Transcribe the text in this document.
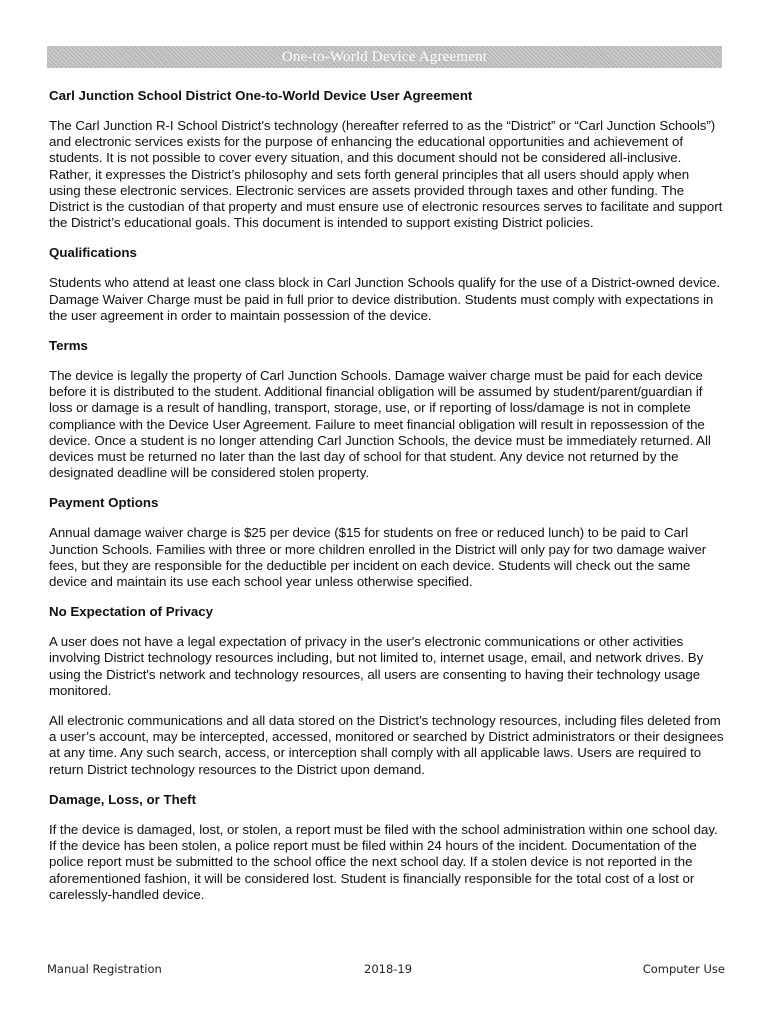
One-to-World Device Agreement
Carl Junction School District One-to-World Device User Agreement

The Carl Junction R-I School District's technology (hereafter referred to as the “District” or “Carl Junction Schools”) and electronic services exists for the purpose of enhancing the educational opportunities and achievement of students. It is not possible to cover every situation, and this document should not be considered all-inclusive. Rather, it expresses the District’s philosophy and sets forth general principles that all users should apply when using these electronic services. Electronic services are assets provided through taxes and other funding. The District is the custodian of that property and must ensure use of electronic resources serves to facilitate and support the District’s educational goals. This document is intended to support existing District policies.

Qualifications

Students who attend at least one class block in Carl Junction Schools qualify for the use of a District-owned device. Damage Waiver Charge must be paid in full prior to device distribution. Students must comply with expectations in the user agreement in order to maintain possession of the device.

Terms

The device is legally the property of Carl Junction Schools. Damage waiver charge must be paid for each device before it is distributed to the student. Additional financial obligation will be assumed by student/parent/guardian if loss or damage is a result of handling, transport, storage, use, or if reporting of loss/damage is not in complete compliance with the Device User Agreement. Failure to meet financial obligation will result in repossession of the device. Once a student is no longer attending Carl Junction Schools, the device must be immediately returned. All devices must be returned no later than the last day of school for that student. Any device not returned by the designated deadline will be considered stolen property.

Payment Options

Annual damage waiver charge is $25 per device ($15 for students on free or reduced lunch) to be paid to Carl Junction Schools. Families with three or more children enrolled in the District will only pay for two damage waiver fees, but they are responsible for the deductible per incident on each device. Students will check out the same device and maintain its use each school year unless otherwise specified.

No Expectation of Privacy

A user does not have a legal expectation of privacy in the user's electronic communications or other activities involving District technology resources including, but not limited to, internet usage, email, and network drives. By using the District's network and technology resources, all users are consenting to having their technology usage monitored.

All electronic communications and all data stored on the District’s technology resources, including files deleted from a user’s account, may be intercepted, accessed, monitored or searched by District administrators or their designees at any time. Any such search, access, or interception shall comply with all applicable laws. Users are required to return District technology resources to the District upon demand.

Damage, Loss, or Theft

If the device is damaged, lost, or stolen, a report must be filed with the school administration within one school day. If the device has been stolen, a police report must be filed within 24 hours of the incident. Documentation of the police report must be submitted to the school office the next school day. If a stolen device is not reported in the aforementioned fashion, it will be considered lost. Student is financially responsible for the total cost of a lost or carelessly-handled device.

Manual Registration	2018-19	Computer Use
